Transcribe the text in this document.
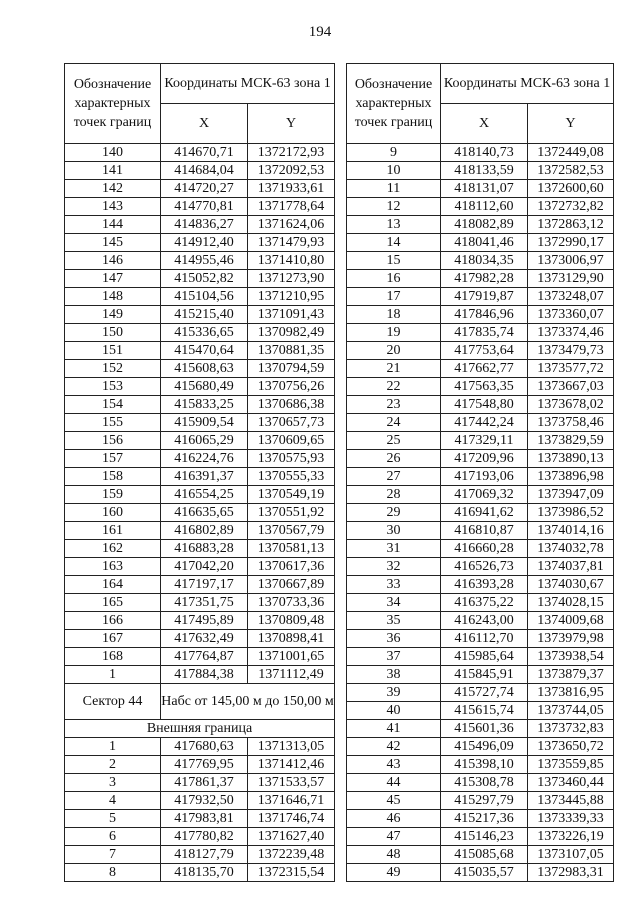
194
Обозначение характерных точек границ	Координаты МСК-63 зона 1	
	X	Y
140	414670,71	1372172,93
141	414684,04	1372092,53
142	414720,27	1371933,61
143	414770,81	1371778,64
144	414836,27	1371624,06
145	414912,40	1371479,93
146	414955,46	1371410,80
147	415052,82	1371273,90
148	415104,56	1371210,95
149	415215,40	1371091,43
150	415336,65	1370982,49
151	415470,64	1370881,35
152	415608,63	1370794,59
153	415680,49	1370756,26
154	415833,25	1370686,38
155	415909,54	1370657,73
156	416065,29	1370609,65
157	416224,76	1370575,93
158	416391,37	1370555,33
159	416554,25	1370549,19
160	416635,65	1370551,92
161	416802,89	1370567,79
162	416883,28	1370581,13
163	417042,20	1370617,36
164	417197,17	1370667,89
165	417351,75	1370733,36
166	417495,89	1370809,48
167	417632,49	1370898,41
168	417764,87	1371001,65
1	417884,38	1371112,49
Сектор 44	Набс от 145,00 м до 150,00 м	
Внешняя граница		
1	417680,63	1371313,05
2	417769,95	1371412,46
3	417861,37	1371533,57
4	417932,50	1371646,71
5	417983,81	1371746,74
6	417780,82	1371627,40
7	418127,79	1372239,48
8	418135,70	1372315,54
Обозначение характерных точек границ	Координаты МСК-63 зона 1	
	X	Y
9	418140,73	1372449,08
10	418133,59	1372582,53
11	418131,07	1372600,60
12	418112,60	1372732,82
13	418082,89	1372863,12
14	418041,46	1372990,17
15	418034,35	1373006,97
16	417982,28	1373129,90
17	417919,87	1373248,07
18	417846,96	1373360,07
19	417835,74	1373374,46
20	417753,64	1373479,73
21	417662,77	1373577,72
22	417563,35	1373667,03
23	417548,80	1373678,02
24	417442,24	1373758,46
25	417329,11	1373829,59
26	417209,96	1373890,13
27	417193,06	1373896,98
28	417069,32	1373947,09
29	416941,62	1373986,52
30	416810,87	1374014,16
31	416660,28	1374032,78
32	416526,73	1374037,81
33	416393,28	1374030,67
34	416375,22	1374028,15
35	416243,00	1374009,68
36	416112,70	1373979,98
37	415985,64	1373938,54
38	415845,91	1373879,37
39	415727,74	1373816,95
40	415615,74	1373744,05
41	415601,36	1373732,83
42	415496,09	1373650,72
43	415398,10	1373559,85
44	415308,78	1373460,44
45	415297,79	1373445,88
46	415217,36	1373339,33
47	415146,23	1373226,19
48	415085,68	1373107,05
49	415035,57	1372983,31
